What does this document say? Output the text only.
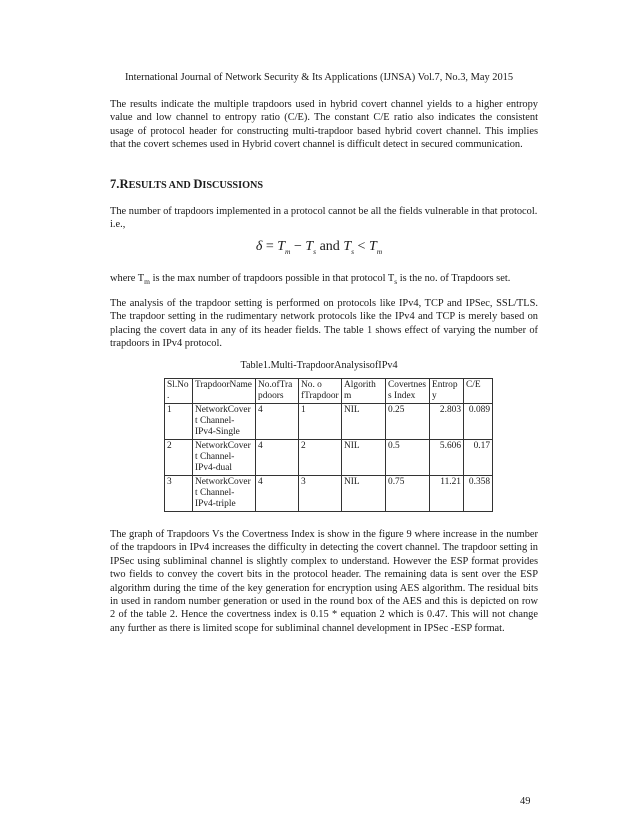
International Journal of Network Security & Its Applications (IJNSA) Vol.7, No.3, May 2015

The results indicate the multiple trapdoors used in hybrid covert channel yields to a higher entropy value and low channel to entropy ratio (C/E). The constant C/E ratio also indicates the consistent usage of protocol header for constructing multi-trapdoor based hybrid covert channel. This implies that the covert schemes used in Hybrid covert channel is difficult detect in secured communication.

7.RESULTS AND DISCUSSIONS

The number of trapdoors implemented in a protocol cannot be all the fields vulnerable in that protocol. i.e.,

$\delta = T_m - T_s$ and $T_s < T_m$

where $T_m$ is the max number of trapdoors possible in that protocol $T_s$ is the no. of Trapdoors set.

The analysis of the trapdoor setting is performed on protocols like IPv4, TCP and IPSec, SSL/TLS. The trapdoor setting in the rudimentary network protocols like the IPv4 and TCP is merely based on placing the covert data in any of its header fields. The table 1 shows effect of varying the number of trapdoors in IPv4 protocol.

Table1.Multi-TrapdoorAnalysisofIPv4
Sl.No.	TrapdoorName	No.ofTrapdoors	No. o fTrapdoor	Algorithm	Covertness Index	Entropy	C/E
1	NetworkCovert Channel-IPv4-Single	4	1	NIL	0.25	2.803	0.089
2	NetworkCovert Channel-IPv4-dual	4	2	NIL	0.5	5.606	0.17
3	NetworkCovert Channel-IPv4-triple	4	3	NIL	0.75	11.21	0.358

The graph of Trapdoors Vs the Covertness Index is show in the figure 9 where increase in the number of the trapdoors in IPv4 increases the difficulty in detecting the covert channel. The trapdoor setting in IPSec using subliminal channel is slightly complex to understand. However the ESP format provides two fields to convey the covert bits in the protocol header. The remaining data is sent over the ESP algorithm during the time of the key generation for encryption using AES algorithm. The residual bits in used in random number generation or used in the round box of the AES and this is depicted on row 2 of the table 2. Hence the covertness index is 0.15 * equation 2 which is 0.47. This will not change any further as there is limited scope for subliminal channel development in IPSec -ESP format.

49
